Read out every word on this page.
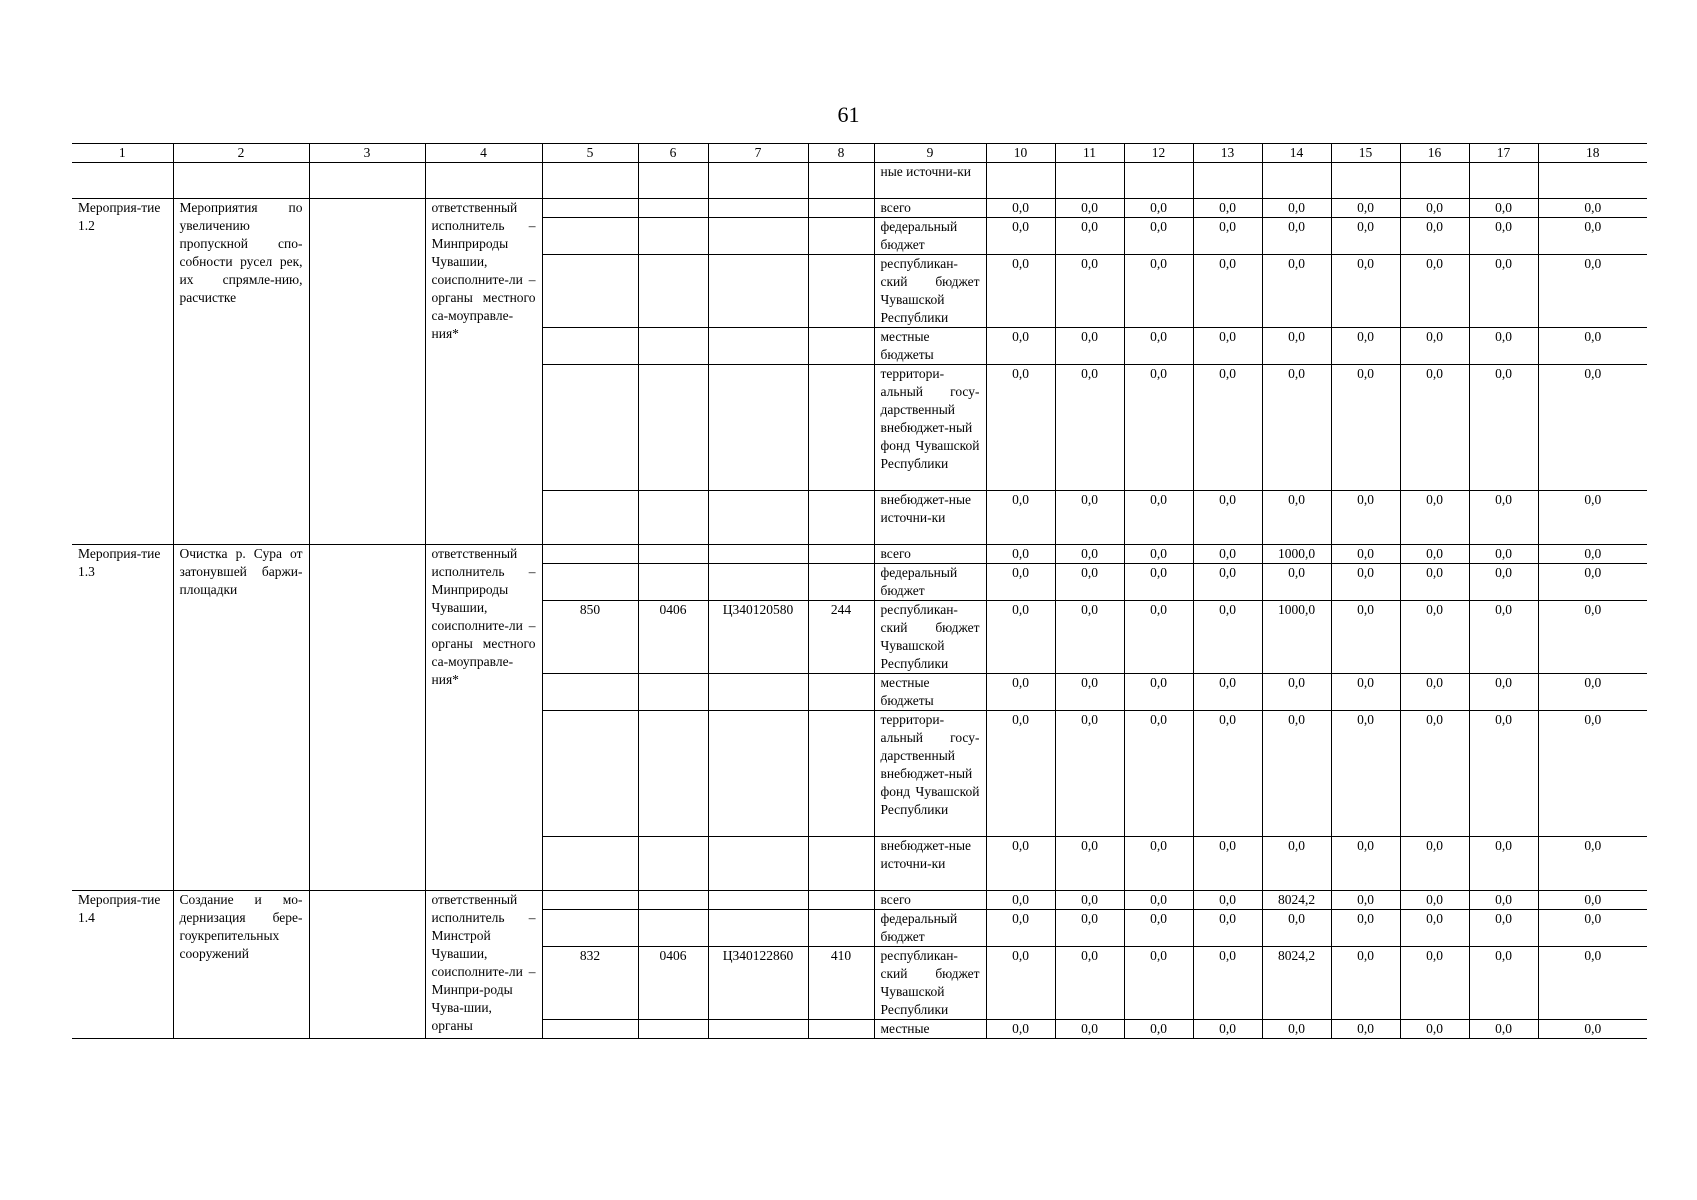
61
1	2	3	4	5	6	7	8	9	10	11	12	13	14	15	16	17	18
								ные источни-ки									
Мероприя-тие 1.2	Мероприятия по увеличению пропускной спо-собности русел рек, их спрямле-нию, расчистке		ответственный исполнитель – Минприроды Чувашии, соисполните-ли – органы местного са-моуправле-ния*					всего	0,0	0,0	0,0	0,0	0,0	0,0	0,0	0,0	0,0
								федеральный бюджет	0,0	0,0	0,0	0,0	0,0	0,0	0,0	0,0	0,0
								республикан-ский бюджет Чувашской Республики	0,0	0,0	0,0	0,0	0,0	0,0	0,0	0,0	0,0
								местные бюджеты	0,0	0,0	0,0	0,0	0,0	0,0	0,0	0,0	0,0
								территори-альный госу-дарственный внебюджет-ный фонд Чувашской Республики	0,0	0,0	0,0	0,0	0,0	0,0	0,0	0,0	0,0
								внебюджет-ные источни-ки	0,0	0,0	0,0	0,0	0,0	0,0	0,0	0,0	0,0
Мероприя-тие 1.3	Очистка р. Сура от затонувшей баржи-площадки		ответственный исполнитель – Минприроды Чувашии, соисполните-ли – органы местного са-моуправле-ния*					всего	0,0	0,0	0,0	0,0	1000,0	0,0	0,0	0,0	0,0
								федеральный бюджет	0,0	0,0	0,0	0,0	0,0	0,0	0,0	0,0	0,0
				850	0406	Ц340120580	244	республикан-ский бюджет Чувашской Республики	0,0	0,0	0,0	0,0	1000,0	0,0	0,0	0,0	0,0
								местные бюджеты	0,0	0,0	0,0	0,0	0,0	0,0	0,0	0,0	0,0
								территори-альный госу-дарственный внебюджет-ный фонд Чувашской Республики	0,0	0,0	0,0	0,0	0,0	0,0	0,0	0,0	0,0
								внебюджет-ные источни-ки	0,0	0,0	0,0	0,0	0,0	0,0	0,0	0,0	0,0
Мероприя-тие 1.4	Создание и мо-дернизация бере-гоукрепительных сооружений		ответственный исполнитель – Минстрой Чувашии, соисполните-ли – Минпри-роды Чува-шии, органы					всего	0,0	0,0	0,0	0,0	8024,2	0,0	0,0	0,0	0,0
								федеральный бюджет	0,0	0,0	0,0	0,0	0,0	0,0	0,0	0,0	0,0
				832	0406	Ц340122860	410	республикан-ский бюджет Чувашской Республики	0,0	0,0	0,0	0,0	8024,2	0,0	0,0	0,0	0,0
								местные	0,0	0,0	0,0	0,0	0,0	0,0	0,0	0,0	0,0
